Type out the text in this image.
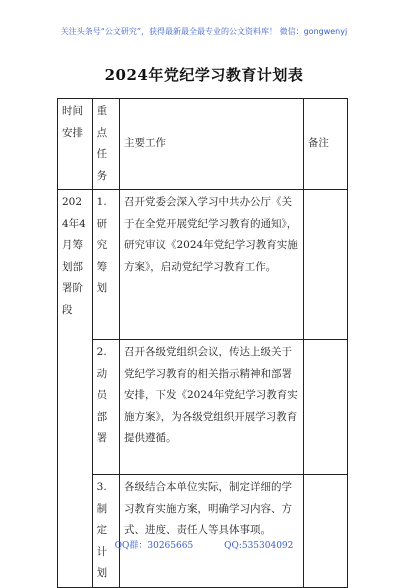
关注头条号“公文研究”，获得最新最全最专业的公文资料库！ 微信：gongwenyj
2024年党纪学习教育计划表
时间安排	重点任务	主要工作	备注
2024年4月筹划部署阶段	1.研究筹划	召开党委会深入学习中共办公厅《关于在全党开展党纪学习教育的通知》，研究审议《2024年党纪学习教育实施方案》，启动党纪学习教育工作。	
	2.动员部署	召开各级党组织会议，传达上级关于党纪学习教育的相关指示精神和部署安排，下发《2024年党纪学习教育实施方案》，为各级党组织开展学习教育提供遵循。	
	3.制定计划	各级结合本单位实际，制定详细的学习教育实施方案，明确学习内容、方式、进度、责任人等具体事项。	
QQ群：30265665	QQ:535304092
